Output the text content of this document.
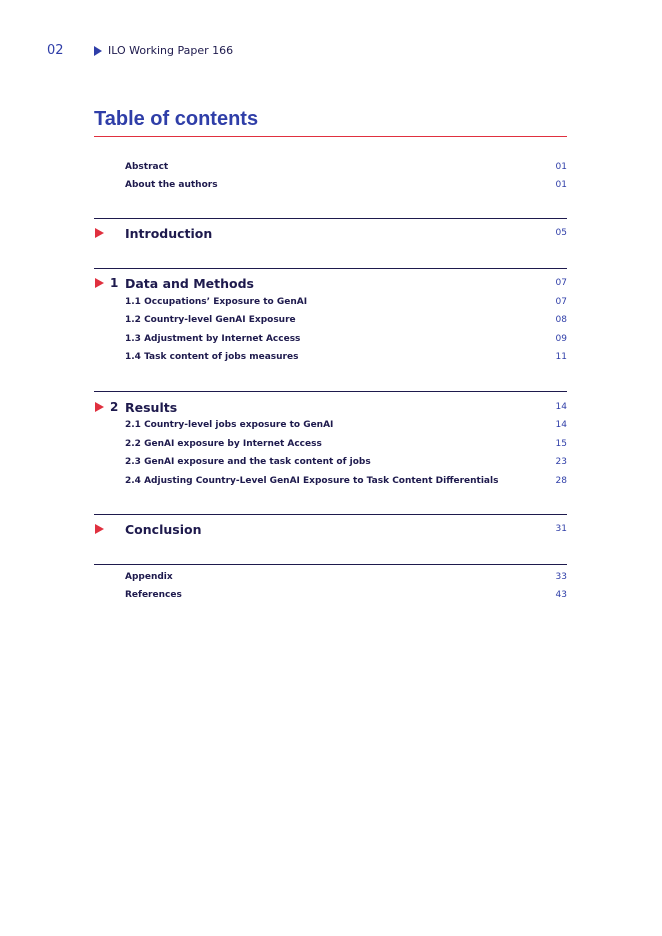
02	ILO Working Paper 166
Table of contents
Abstract	01
About the authors	01
Introduction	05
1 Data and Methods	07
1.1 Occupations’ Exposure to GenAI	07
1.2 Country-level GenAI Exposure	08
1.3 Adjustment by Internet Access	09
1.4 Task content of jobs measures	11
2 Results	14
2.1 Country-level jobs exposure to GenAI	14
2.2 GenAI exposure by Internet Access	15
2.3 GenAI exposure and the task content of jobs	23
2.4 Adjusting Country-Level GenAI Exposure to Task Content Differentials	28
Conclusion	31
Appendix	33
References	43
